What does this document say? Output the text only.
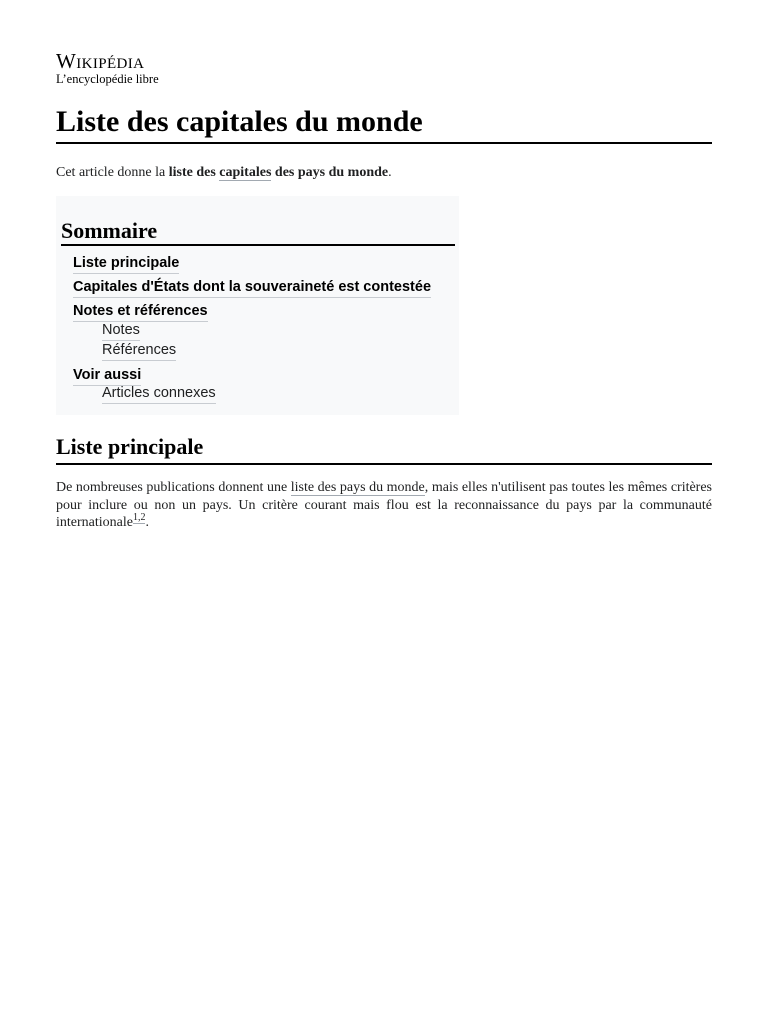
Wikipédia
L’encyclopédie libre
Liste des capitales du monde

Cet article donne la liste des capitales des pays du monde.

Sommaire
Liste principale
Capitales d'États dont la souveraineté est contestée
Notes et références
Notes
Références
Voir aussi
Articles connexes
Liste principale

De nombreuses publications donnent une liste des pays du monde, mais elles n'utilisent pas toutes les mêmes critères pour inclure ou non un pays. Un critère courant mais flou est la reconnaissance du pays par la communauté internationale$^{1,2}$.
